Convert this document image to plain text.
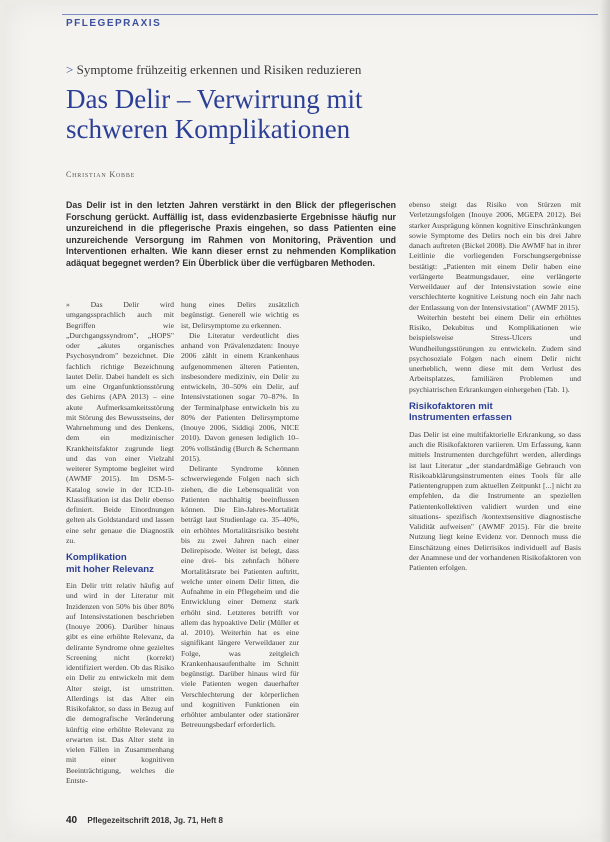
PFLEGEPRAXIS
> Symptome frühzeitig erkennen und Risiken reduzieren
Das Delir – Verwirrung mit
schweren Komplikationen
Christian Kobbe
Das Delir ist in den letzten Jahren verstärkt in den Blick der pflegerischen Forschung gerückt. Auffällig ist, dass evidenzbasierte Ergebnisse häufig nur unzureichend in die pflegerische Praxis eingehen, so dass Patienten eine unzureichende Versorgung im Rahmen von Monitoring, Prävention und Interventionen erhalten. Wie kann dieser ernst zu nehmenden Komplikation adäquat begegnet werden? Ein Überblick über die verfügbaren Methoden.

» Das Delir wird umgangssprachlich auch mit Begriffen wie „Durchgangssyndrom", „HOPS" oder „akutes organisches Psychosyndrom" bezeichnet. Die fachlich richtige Bezeichnung lautet Delir. Dabei handelt es sich um eine Organfunktionsstörung des Gehirns (APA 2013) – eine akute Aufmerksamkeitsstörung mit Störung des Bewusstseins, der Wahrnehmung und des Denkens, dem ein medizinischer Krankheitsfaktor zugrunde liegt und das von einer Vielzahl weiterer Symptome begleitet wird (AWMF 2015). Im DSM-5-Katalog sowie in der ICD-10-Klassifikation ist das Delir ebenso definiert. Beide Einordnungen gelten als Goldstandard und lassen eine sehr genaue die Diagnostik zu.

Komplikation
mit hoher Relevanz

Ein Delir tritt relativ häufig auf und wird in der Literatur mit Inzidenzen von 50% bis über 80% auf Intensivstationen beschrieben (Inouye 2006). Darüber hinaus gibt es eine erhöhte Relevanz, da delirante Syndrome ohne gezieltes Screening nicht (korrekt) identifiziert werden. Ob das Risiko ein Delir zu entwickeln mit dem Alter steigt, ist umstritten. Allerdings ist das Alter ein Risikofaktor, so dass in Bezug auf die demografische Veränderung künftig eine erhöhte Relevanz zu erwarten ist. Das Alter steht in vielen Fällen in Zusammenhang mit einer kognitiven Beeinträchtigung, welches die Entste-

hung eines Delirs zusätzlich begünstigt. Generell wie wichtig es ist, Delirsymptome zu erkennen.

Die Literatur verdeutlicht dies anhand von Prävalenzdaten: Inouye 2006 zählt in einem Krankenhaus aufgenommenen älteren Patienten, insbesondere mediziniv, ein Delir zu entwickeln, 30–50% ein Delir, auf Intensivstationen sogar 70–87%. In der Terminalphase entwickeln bis zu 80% der Patienten Delirsymptome (Inouye 2006, Siddiqi 2006, NICE 2010). Davon genesen lediglich 10–20% vollständig (Burch & Schermann 2015).

Delirante Syndrome können schwerwiegende Folgen nach sich ziehen, die die Lebensqualität von Patienten nachhaltig beeinflussen können. Die Ein-Jahres-Mortalität beträgt laut Studienlage ca. 35–40%, ein erhöhtes Mortalitätsrisiko besteht bis zu zwei Jahren nach einer Delirepisode. Weiter ist belegt, dass eine drei- bis zehnfach höhere Mortalitätsrate bei Patienten auftritt, welche unter einem Delir litten, die Aufnahme in ein Pflegeheim und die Entwicklung einer Demenz stark erhöht sind. Letzteres betrifft vor allem das hypoaktive Delir (Müller et al. 2010). Weiterhin hat es eine signifikant längere Verweildauer zur Folge, was zeitgleich Krankenhausaufenthalte im Schnitt begünstigt. Darüber hinaus wird für viele Patienten wegen dauerhafter Verschlechterung der körperlichen und kognitiven Funktionen ein erhöhter ambulanter oder stationärer Betreuungsbedarf erforderlich.

ebenso steigt das Risiko von Stürzen mit Verletzungsfolgen (Inouye 2006, MGEPA 2012). Bei starker Ausprägung können kognitive Einschränkungen sowie Symptome des Delirs noch ein bis drei Jahre danach auftreten (Bickel 2008). Die AWMF hat in ihrer Leitlinie die vorliegenden Forschungsergebnisse bestätigt: „Patienten mit einem Delir haben eine verlängerte Beatmungsdauer, eine verlängerte Verweildauer auf der Intensivstation sowie eine verschlechterte kognitive Leistung noch ein Jahr nach der Entlassung von der Intensivstation" (AWMF 2015).

Weiterhin besteht bei einem Delir ein erhöhtes Risiko, Dekubitus und Komplikationen wie beispielsweise Stress-Ulcers und Wundheilungsstörungen zu entwickeln. Zudem sind psychosoziale Folgen nach einem Delir nicht unerheblich, wenn diese mit dem Verlust des Arbeitsplatzes, familiären Problemen und psychiatrischen Erkrankungen einhergehen (Tab. 1).

Risikofaktoren mit
Instrumenten erfassen

Das Delir ist eine multifaktorielle Erkrankung, so dass auch die Risikofaktoren variieren. Um Erfassung, kann mittels Instrumenten durchgeführt werden, allerdings ist laut Literatur „der standardmäßige Gebrauch von Risikoabklärungsinstrumenten eines Tools für alle Patientengruppen zum aktuellen Zeitpunkt [...] nicht zu empfehlen, da die Instrumente an speziellen Patientenkollektiven validiert wurden und eine situations- spezifisch /kontextsensitive diagnostische Validität aufweisen" (AWMF 2015). Für die breite Nutzung liegt keine Evidenz vor. Dennoch muss die Einschätzung eines Delirrisikos individuell auf Basis der Anamnese und der vorhandenen Risikofaktoren von Patienten erfolgen.

40 Pflegezeitschrift 2018, Jg. 71, Heft 8
